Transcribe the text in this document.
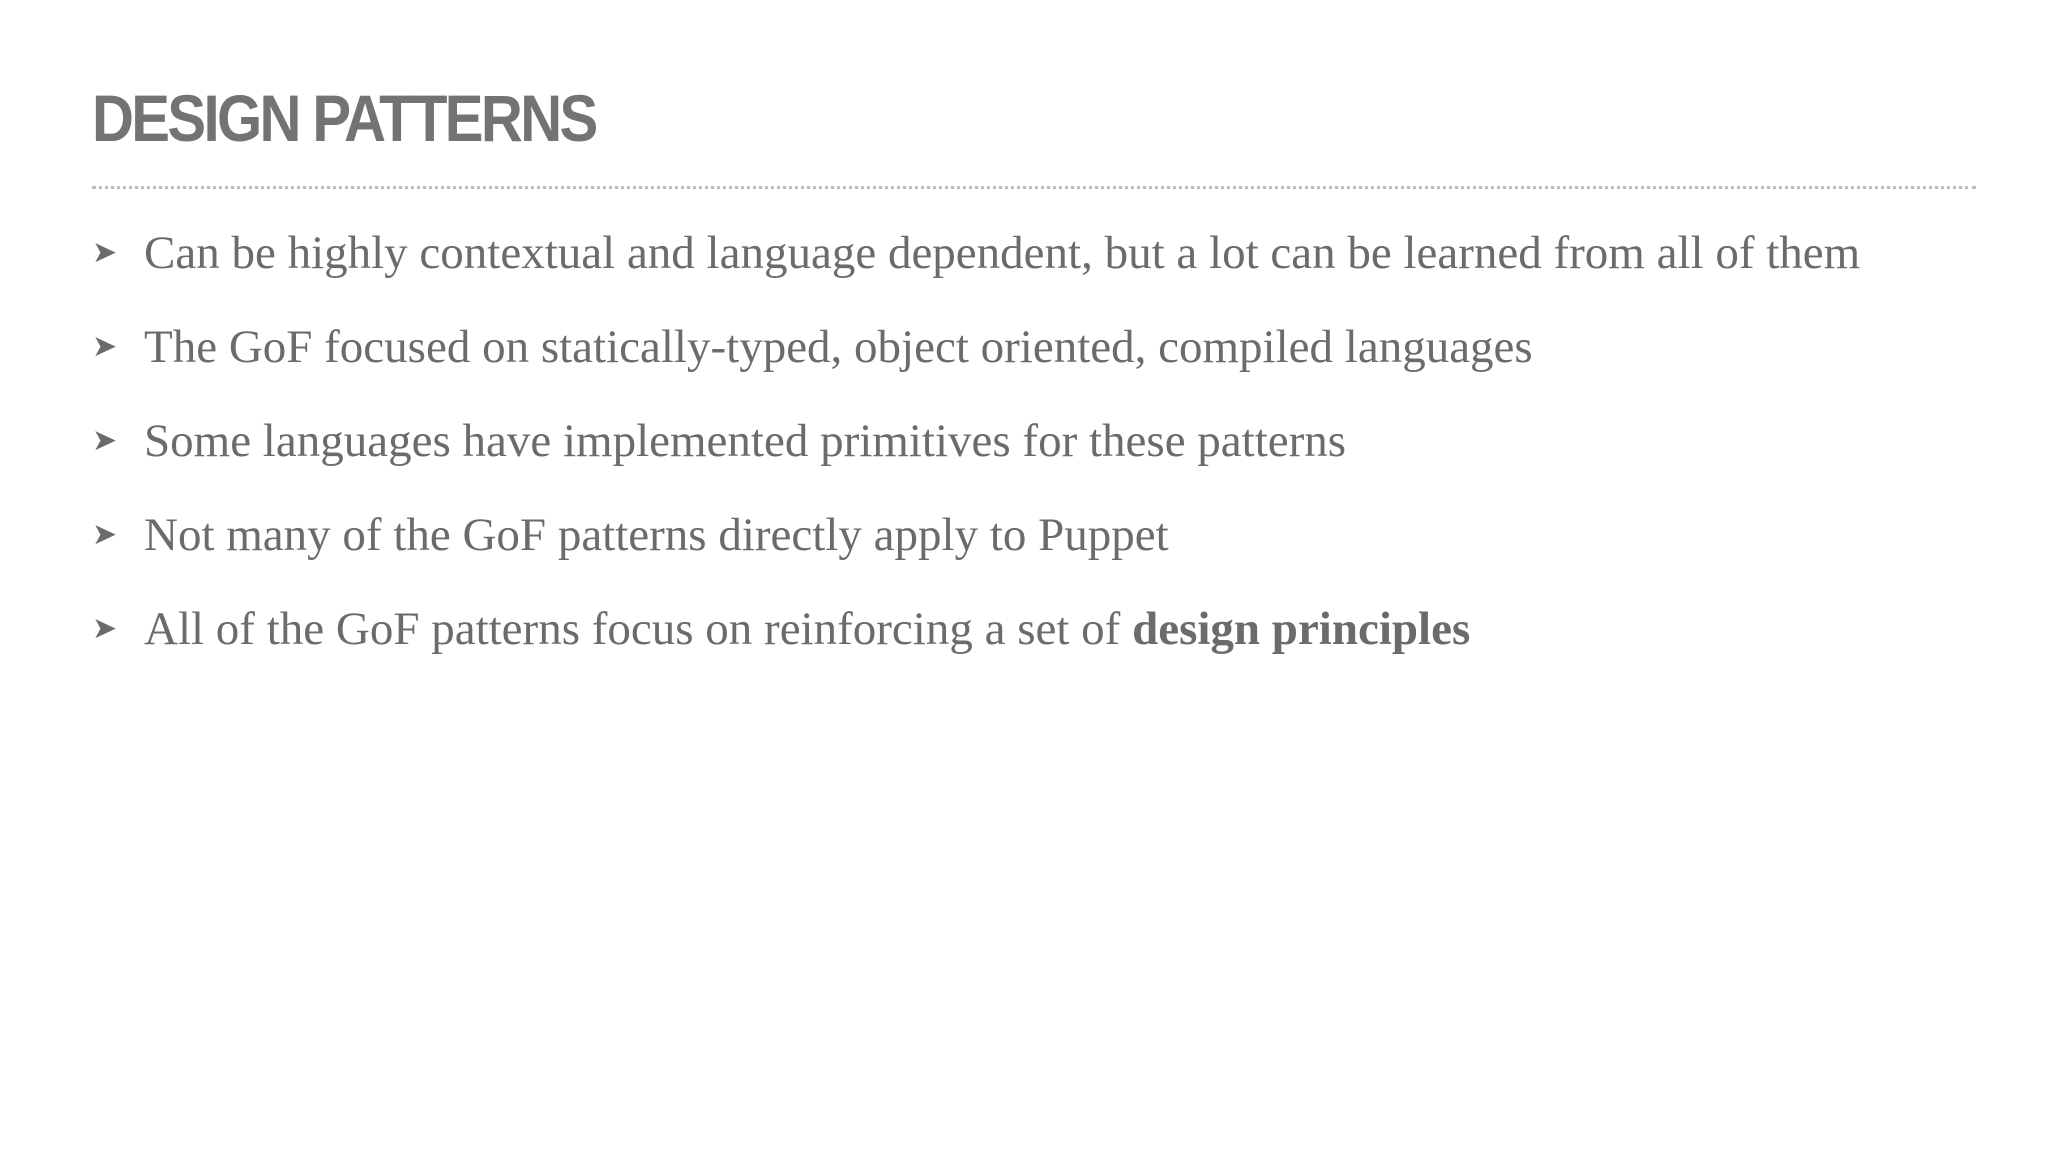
DESIGN PATTERNS
➤ Can be highly contextual and language dependent, but a lot can be learned from all of them
➤ The GoF focused on statically-typed, object oriented, compiled languages
➤ Some languages have implemented primitives for these patterns
➤ Not many of the GoF patterns directly apply to Puppet
➤ All of the GoF patterns focus on reinforcing a set of design principles
